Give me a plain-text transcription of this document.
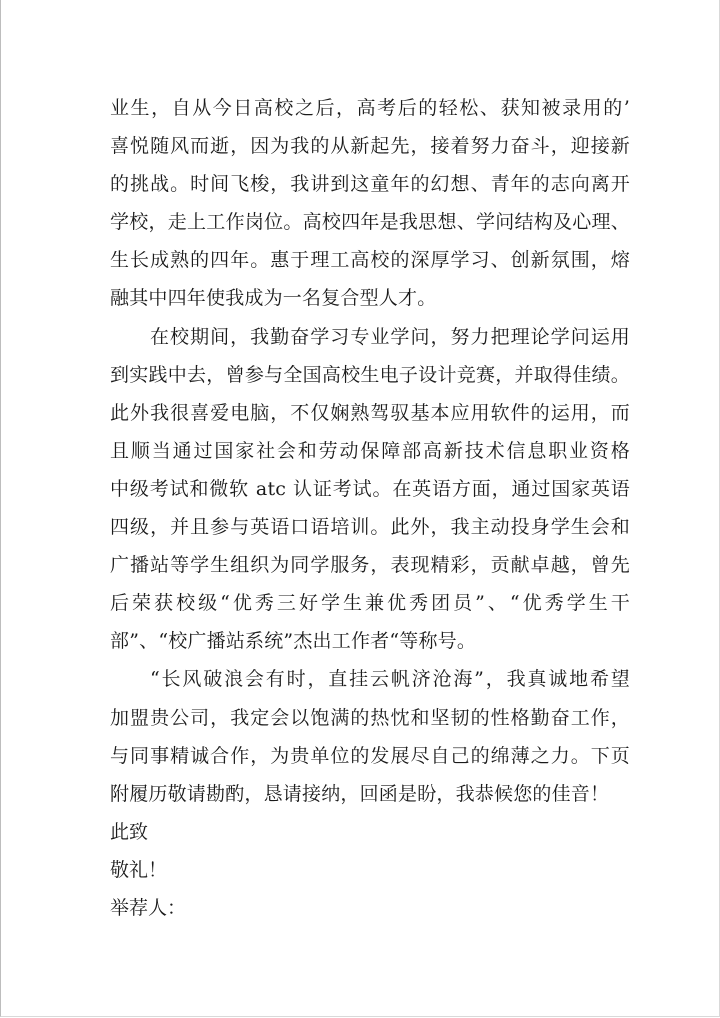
业生，自从今日高校之后，高考后的轻松、获知被录用的’
喜悦随风而逝，因为我的从新起先，接着努力奋斗，迎接新
的挑战。时间飞梭，我讲到这童年的幻想、青年的志向离开
学校，走上工作岗位。高校四年是我思想、学问结构及心理、
生长成熟的四年。惠于理工高校的深厚学习、创新氛围，熔
融其中四年使我成为一名复合型人才。

在校期间，我勤奋学习专业学问，努力把理论学问运用
到实践中去，曾参与全国高校生电子设计竞赛，并取得佳绩。
此外我很喜爱电脑，不仅娴熟驾驭基本应用软件的运用，而
且顺当通过国家社会和劳动保障部高新技术信息职业资格
中级考试和微软 atc 认证考试。在英语方面，通过国家英语
四级，并且参与英语口语培训。此外，我主动投身学生会和
广播站等学生组织为同学服务，表现精彩，贡献卓越，曾先
后荣获校级“优秀三好学生兼优秀团员”、“优秀学生干
部”、“校广播站系统”杰出工作者“等称号。

“长风破浪会有时，直挂云帆济沧海”，我真诚地希望
加盟贵公司，我定会以饱满的热忱和坚韧的性格勤奋工作，
与同事精诚合作，为贵单位的发展尽自己的绵薄之力。下页
附履历敬请勘酌，恳请接纳，回函是盼，我恭候您的佳音！

此致
敬礼！
举荐人：
